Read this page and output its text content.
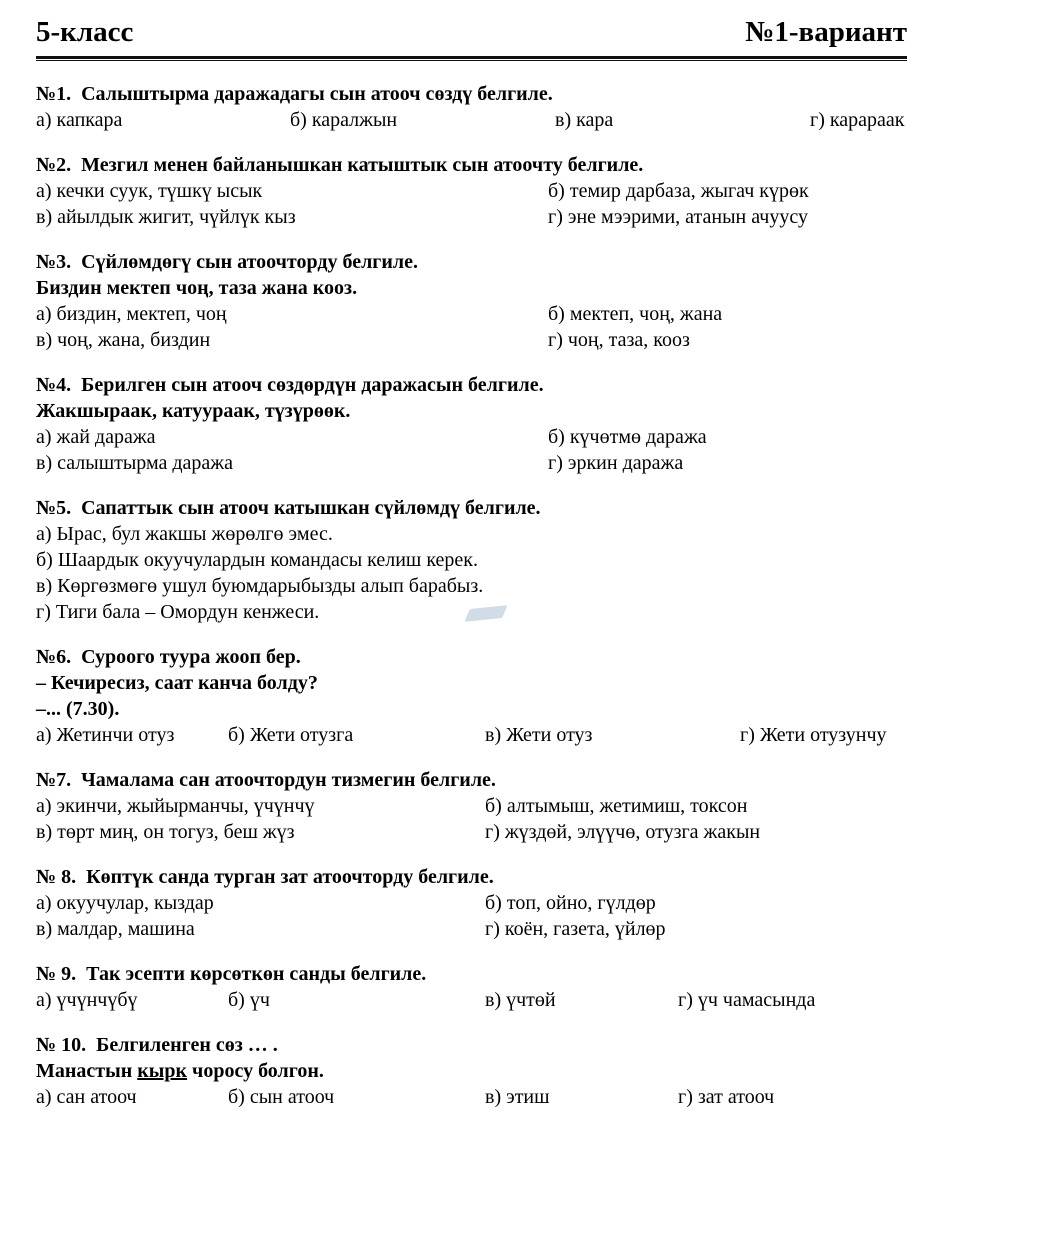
5-класс	№1-вариант
№1.  Салыштырма даражадагы сын атооч сөздү белгиле.
а) капкара	б) каралжын	в) кара	г) карараак
№2.  Мезгил менен байланышкан катыштык сын атоочту белгиле.
а) кечки суук, түшкү ысык	б) темир дарбаза, жыгач күрөк
в) айылдык жигит, чүйлүк кыз	г) эне мээрими, атанын ачуусу
№3.  Сүйлөмдөгү сын атоочторду белгиле.
Биздин мектеп чоң, таза жана кооз.
а) биздин, мектеп, чоң	б) мектеп, чоң, жана
в) чоң, жана, биздин	г) чоң, таза, кооз
№4.  Берилген сын атооч сөздөрдүн даражасын белгиле.
Жакшыраак, катуураак, түзүрөөк.
а) жай даража	б) күчөтмө даража
в) салыштырма даража	г) эркин даража
№5.  Сапаттык сын атооч катышкан сүйлөмдү белгиле.
а) Ырас, бул жакшы жөрөлгө эмес.
б) Шаардык окуучулардын командасы келиш керек.
в) Көргөзмөгө ушул буюмдарыбызды алып барабыз.
г) Тиги бала – Омордун кенжеси.
№6.  Суроого туура жооп бер.
– Кечиресиз, саат канча болду?
–... (7.30).
а) Жетинчи отуз	б) Жети отузга	в) Жети отуз	г) Жети отузунчу
№7.  Чамалама сан атоочтордун тизмегин белгиле.
а) экинчи, жыйырманчы, үчүнчү	б) алтымыш, жетимиш, токсон
в) төрт миң, он тогуз, беш жүз	г) жүздөй, элүүчө, отузга жакын
№ 8.  Көптүк санда турган зат атоочторду белгиле.
а) окуучулар, кыздар	б) топ, ойно, гүлдөр
в) малдар, машина	г) коён, газета, үйлөр
№ 9.  Так эсепти көрсөткөн санды белгиле.
а) үчүнчүбү	б) үч	в) үчтөй	г) үч чамасында
№ 10.  Белгиленген сөз … .
Манастын кырк чоросу болгон.
а) сан атооч	б) сын атооч	в) этиш	г) зат атооч
